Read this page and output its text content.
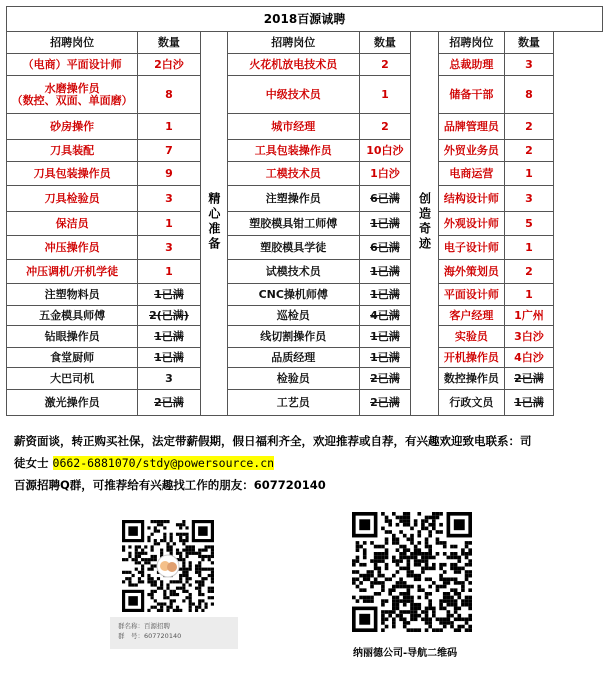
2018百源诚聘
招聘岗位	数量	精心准备	招聘岗位	数量	创造奇迹	招聘岗位	数量
（电商）平面设计师	2白沙		火花机放电技术员	2		总裁助理	3
水磨操作员
（数控、双面、单面磨）	8		中级技术员	1		储备干部	8
砂房操作	1		城市经理	2		品牌管理员	2
刀具装配	7		工具包装操作员	10白沙		外贸业务员	2
刀具包装操作员	9		工模技术员	1白沙		电商运营	1
刀具检验员	3		注塑操作员	6已满		结构设计师	3
保洁员	1		塑胶模具钳工师傅	1已满		外观设计师	5
冲压操作员	3		塑胶模具学徒	6已满		电子设计师	1
冲压调机/开机学徒	1		试模技术员	1已满		海外策划员	2
注塑物料员	1已满		CNC操机师傅	1已满		平面设计师	1
五金模具师傅	2(已满)		巡检员	4已满		客户经理	1广州
钻眼操作员	1已满		线切割操作员	1已满		实验员	3白沙
食堂厨师	1已满		品质经理	1已满		开机操作员	4白沙
大巴司机	3		检验员	2已满		数控操作员	2已满
激光操作员	2已满		工艺员	2已满		行政文员	1已满
薪资面谈，转正购买社保，法定带薪假期，假日福利齐全，欢迎推荐或自荐，有兴趣欢迎致电联系：司
徒女士 0662-6881070/stdy@powersource.cn
百源招聘Q群，可推荐给有兴趣找工作的朋友：607720140
群名称：百源招聘
群　号：607720140
纳丽德公司-导航二维码
